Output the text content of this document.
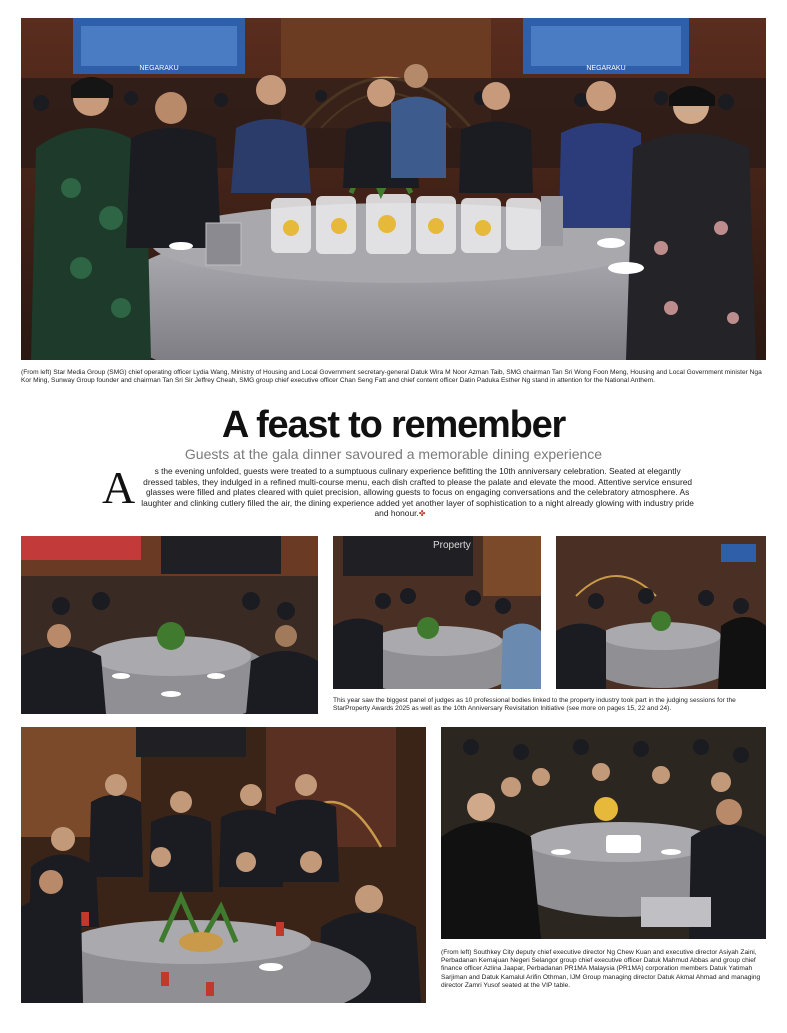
NEGARAKU	NEGARAKU

(From left) Star Media Group (SMG) chief operating officer Lydia Wang, Ministry of Housing and Local Government secretary-general Datuk Wira M Noor Azman Taib, SMG chairman Tan Sri Wong Foon Meng, Housing and Local Government minister Nga Kor Ming, Sunway Group founder and chairman Tan Sri Sir Jeffrey Cheah, SMG group chief executive officer Chan Seng Fatt and chief content officer Datin Paduka Esther Ng stand in attention for the National Anthem.

A feast to remember

Guests at the gala dinner savoured a memorable dining experience

A	s the evening unfolded, guests were treated to a sumptuous culinary experience befitting the 10th anniversary celebration. Seated at elegantly dressed tables, they indulged in a refined multi-course menu, each dish crafted to please the palate and elevate the mood. Attentive service ensured glasses were filled and plates cleared with quiet precision, allowing guests to focus on engaging conversations and the celebratory atmosphere. As laughter and clinking cutlery filled the air, the dining experience added yet another layer of sophistication to a night already glowing with industry pride and honour.✤

Property

This year saw the biggest panel of judges as 10 professional bodies linked to the property industry took part in the judging sessions for the StarProperty Awards 2025 as well as the 10th Anniversary Revisitation Initiative (see more on pages 15, 22 and 24).

(From left) Southkey City deputy chief executive director Ng Chew Kuan and executive director Asiyah Zaini, Perbadanan Kemajuan Negeri Selangor group chief executive officer Datuk Mahmud Abbas and group chief finance officer Azlina Jaapar, Perbadanan PR1MA Malaysia (PR1MA) corporation members Datuk Yatimah Sarjiman and Datuk Kamalul Arifin Othman, IJM Group managing director Datuk Akmal Ahmad and managing director Zamri Yusof seated at the VIP table.
